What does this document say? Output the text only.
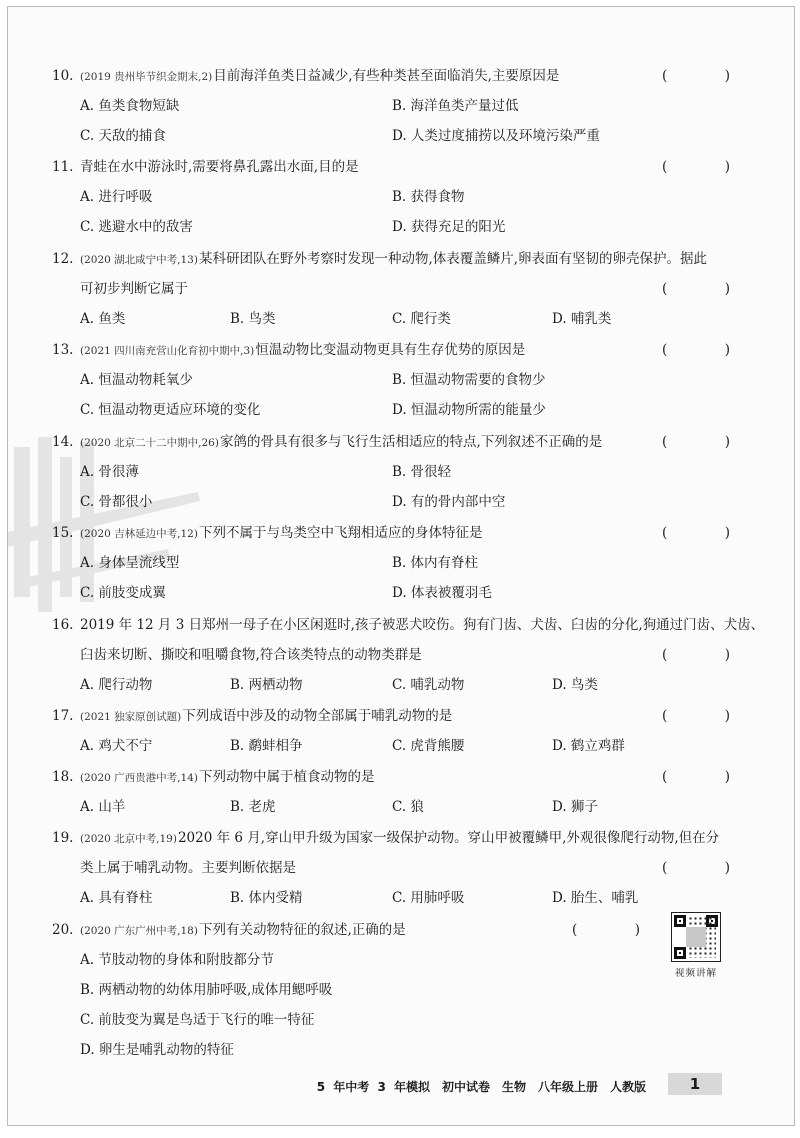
10. (2019 贵州毕节织金期末,2)目前海洋鱼类日益减少,有些种类甚至面临消失,主要原因是	(　)
A. 鱼类食物短缺	B. 海洋鱼类产量过低
C. 天敌的捕食	D. 人类过度捕捞以及环境污染严重
11. 青蛙在水中游泳时,需要将鼻孔露出水面,目的是	(　)
A. 进行呼吸	B. 获得食物
C. 逃避水中的敌害	D. 获得充足的阳光
12. (2020 湖北咸宁中考,13)某科研团队在野外考察时发现一种动物,体表覆盖鳞片,卵表面有坚韧的卵壳保护。据此
可初步判断它属于	(　)
A. 鱼类	B. 鸟类	C. 爬行类	D. 哺乳类
13. (2021 四川南充营山化育初中期中,3)恒温动物比变温动物更具有生存优势的原因是	(　)
A. 恒温动物耗氧少	B. 恒温动物需要的食物少
C. 恒温动物更适应环境的变化	D. 恒温动物所需的能量少
14. (2020 北京二十二中期中,26)家鸽的骨具有很多与飞行生活相适应的特点,下列叙述不正确的是	(　)
A. 骨很薄	B. 骨很轻
C. 骨都很小	D. 有的骨内部中空
15. (2020 吉林延边中考,12)下列不属于与鸟类空中飞翔相适应的身体特征是	(　)
A. 身体呈流线型	B. 体内有脊柱
C. 前肢变成翼	D. 体表被覆羽毛
16. 2019 年 12 月 3 日郑州一母子在小区闲逛时,孩子被恶犬咬伤。狗有门齿、犬齿、臼齿的分化,狗通过门齿、犬齿、
臼齿来切断、撕咬和咀嚼食物,符合该类特点的动物类群是	(　)
A. 爬行动物	B. 两栖动物	C. 哺乳动物	D. 鸟类
17. (2021 独家原创试题)下列成语中涉及的动物全部属于哺乳动物的是	(　)
A. 鸡犬不宁	B. 鹬蚌相争	C. 虎背熊腰	D. 鹤立鸡群
18. (2020 广西贵港中考,14)下列动物中属于植食动物的是	(　)
A. 山羊	B. 老虎	C. 狼	D. 狮子
19. (2020 北京中考,19)2020 年 6 月,穿山甲升级为国家一级保护动物。穿山甲被覆鳞甲,外观很像爬行动物,但在分
类上属于哺乳动物。主要判断依据是	(　)
A. 具有脊柱	B. 体内受精	C. 用肺呼吸	D. 胎生、哺乳
20. (2020 广东广州中考,18)下列有关动物特征的叙述,正确的是	(　)
A. 节肢动物的身体和附肢都分节
B. 两栖动物的幼体用肺呼吸,成体用鳃呼吸
C. 前肢变为翼是鸟适于飞行的唯一特征
D. 卵生是哺乳动物的特征
视频讲解
5 年中考 3 年模拟　初中试卷　生物　八年级上册　人教版	1
